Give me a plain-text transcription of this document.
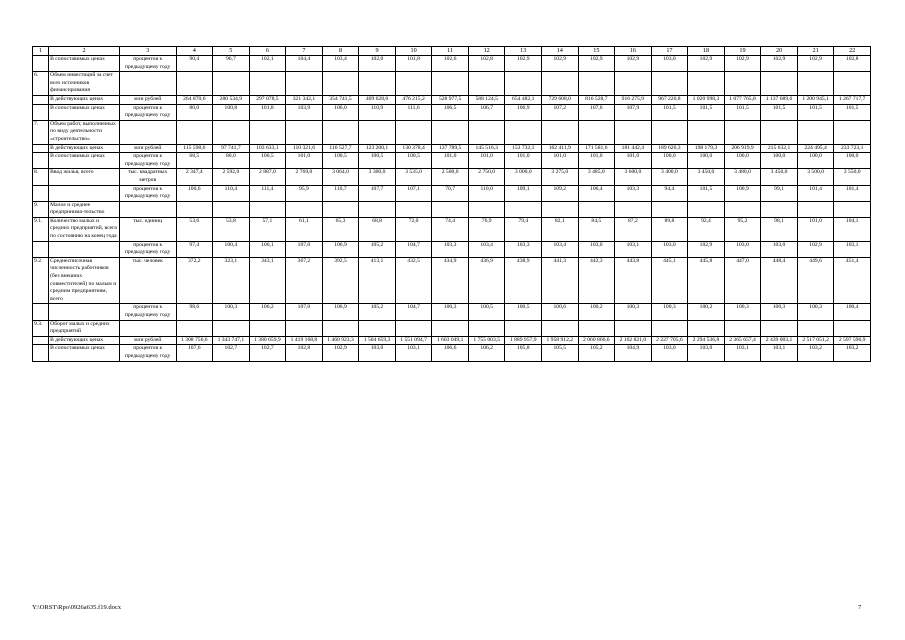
1	2	3	4	5	6	7	8	9	10	11	12	13	14	15	16	17	18	19	20	21	22
	В сопоставимых ценах	процентов к предыдущему году	90,4	96,7	102,1	104,4	103,4	102,0	101,8	102,6	102,8	102,9	102,9	102,9	102,9	103,0	102,9	102,9	102,9	102,9	102,8
6.	Объем инвестиций за счет всех источников финансирования																				
	В действующих ценах	млн рублей	264 870,6	280 534,9	297 078,5	321 342,1	354 741,5	409 628,6	476 215,2	528 977,5	588 124,5	654 482,1	729 608,0	816 528,7	916 275,9	967 220,8	1 020 998,3	1 077 765,8	1 137 689,6	1 200 945,1	1 267 717,7
	В сопоставимых ценах	процентов к предыдущему году	80,0	100,8	101,8	103,9	106,0	110,9	111,6	106,5	106,7	106,9	107,2	107,6	107,9	101,5	101,5	101,5	101,5	101,5	101,5
7.	Объем работ, выполненных по виду деятельности «строительство»																				
	В действующих ценах	млн рублей	115 598,6	97 741,7	103 633,1	110 321,6	116 527,7	123 200,1	130 378,4	137 789,5	145 516,3	153 732,1	162 411,9	171 581,6	181 442,4	189 626,3	198 179,3	206 919,9	215 632,1	224 495,4	233 723,1
	В сопоставимых ценах	процентов к предыдущему году	68,5	80,0	100,5	101,0	100,5	100,5	100,5	101,0	101,0	101,0	101,0	101,0	101,0	100,0	100,0	100,0	100,0	100,0	100,0
8.	Ввод жилья, всего	тыс. квадратных метров	2 347,4	2 592,0	2 887,0	2 769,0	3 064,0	3 300,0	3 535,0	2 500,0	2 750,0	3 000,0	3 275,0	3 485,0	3 600,0	3 400,0	3 450,0	3 480,0	3 450,0	3 500,0	3 550,0
		процентов к предыдущему году	100,6	110,4	111,4	95,9	110,7	107,7	107,1	70,7	110,0	109,1	109,2	106,4	103,3	94,4	101,5	100,9	99,1	101,4	101,4
9.	Малое и среднее предпринима-тельство																				
9.1.	Количество малых и средних предприятий, всего по состоянию на конец года	тыс. единиц	53,6	53,8	57,1	61,1	65,3	68,8	72,0	74,4	76,9	79,4	82,1	84,5	87,2	89,8	92,4	95,2	98,1	101,0	104,1
		процентов к предыдущему году	97,4	100,4	106,1	107,0	106,9	105,2	104,7	103,3	103,4	103,3	103,4	103,0	103,1	103,0	102,9	103,0	103,0	102,9	103,1
9.2.	Среднесписочная численность работников (без внешних совместителей) по малым и средним предприятиям, всего	тыс. человек	372,2	323,1	343,1	367,2	392,5	413,1	432,5	434,9	436,9	438,9	441,3	442,3	443,8	445,1	445,8	447,0	448,4	449,6	451,4
		процентов к предыдущему году	98,6	100,3	106,2	107,0	106,9	105,2	104,7	100,3	100,5	100,5	100,6	100,2	100,3	100,3	100,2	100,3	100,3	100,3	100,4
9.3.	Оборот малых и средних предприятий																				
	В действующих ценах	млн рублей	1 308 756,6	1 343 747,1	1 380 659,9	1 419 168,8	1 460 923,3	1 504 659,3	1 551 094,7	1 603 049,1	1 755 003,5	1 889 957,9	1 958 912,2	2 060 866,6	2 162 821,0	2 227 705,6	2 294 536,8	2 365 657,4	2 439 003,1	2 517 051,2	2 597 596,9
	В сопоставимых ценах	процентов к предыдущему году	107,6	102,7	102,7	102,8	102,9	103,0	103,1	106,6	106,2	105,8	105,5	105,2	104,9	103,0	103,0	103,1	103,1	103,2	103,2
Y:\ORST\Rpo\0926a635.f19.docx	7
